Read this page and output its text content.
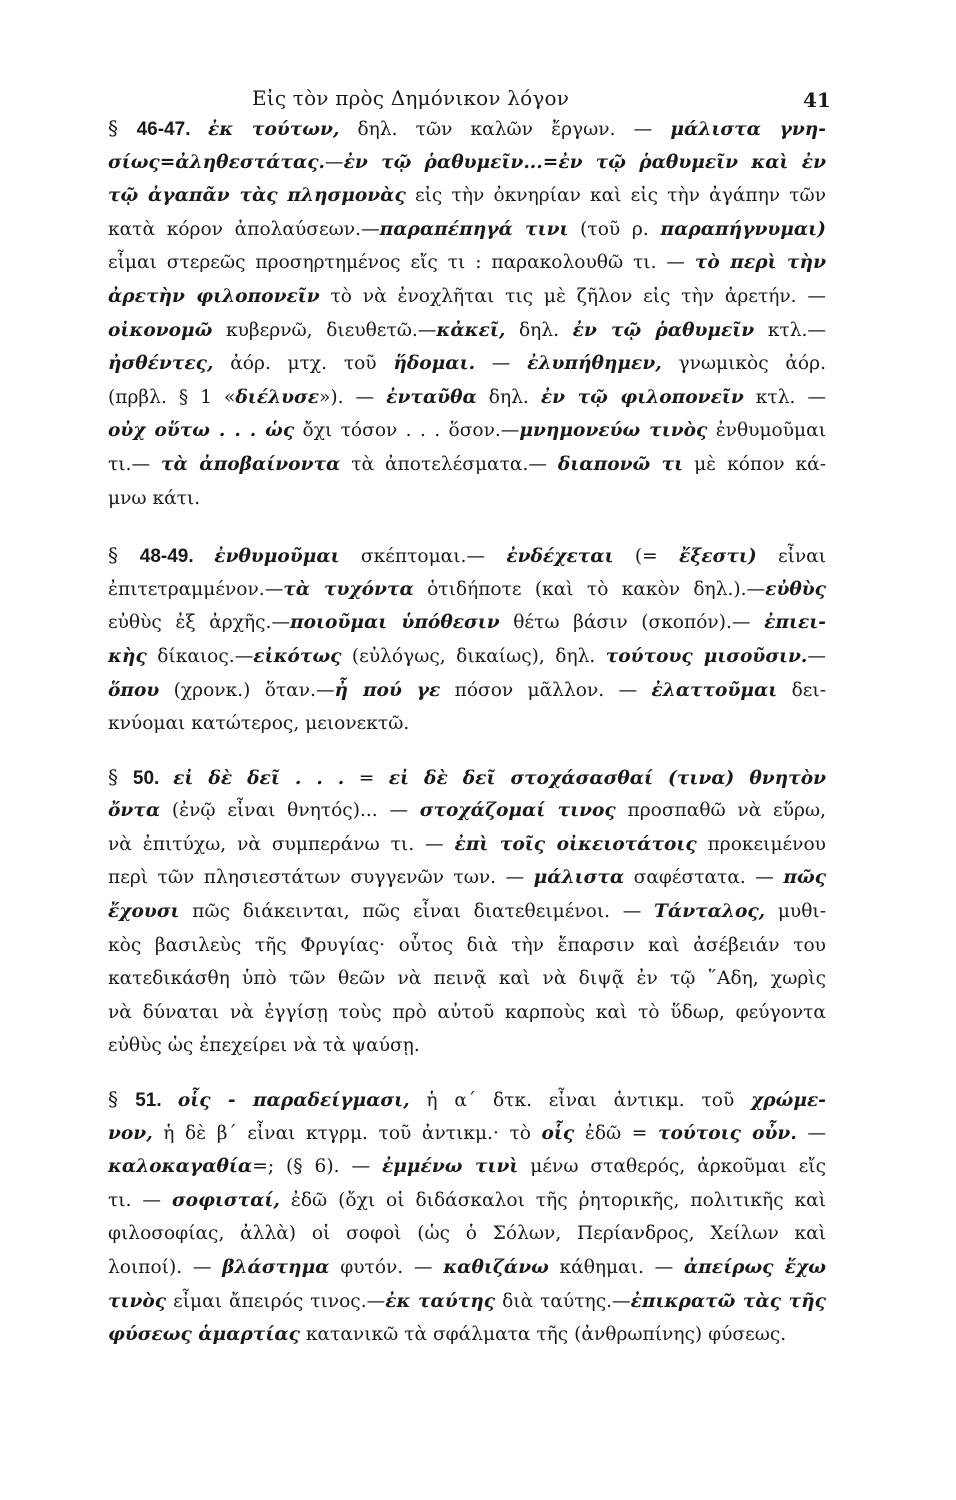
Εἰς τὸν πρὸς Δημόνικον λόγον	41
§ 46-47. ἐκ τούτων, δηλ. τῶν καλῶν ἔργων. — μάλιστα γνη-
σίως=ἀληθεστάτας.—ἐν τῷ ῥαθυμεῖν...=ἐν τῷ ῥαθυμεῖν καὶ ἐν
τῷ ἀγαπᾶν τὰς πλησμονὰς εἰς τὴν ὀκνηρίαν καὶ εἰς τὴν ἀγάπην τῶν
κατὰ κόρον ἀπολαύσεων.—παραπέπηγά τινι (τοῦ ρ. παραπήγνυμαι)
εἶμαι στερεῶς προσηρτημένος εἴς τι : παρακολουθῶ τι. — τὸ περὶ τὴν
ἀρετὴν φιλοπονεῖν τὸ νὰ ἐνοχλῆται τις μὲ ζῆλον εἰς τὴν ἀρετήν. —
οἰκονομῶ κυβερνῶ, διευθετῶ.—κἀκεῖ, δηλ. ἐν τῷ ῥαθυμεῖν κτλ.—
ἠσθέντες, ἀόρ. μτχ. τοῦ ἥδομαι. — ἐλυπήθημεν, γνωμικὸς ἀόρ.
(πρβλ. § 1 «διέλυσε»). — ἐνταῦθα δηλ. ἐν τῷ φιλοπονεῖν κτλ. —
οὐχ οὕτω . . . ὡς ὄχι τόσον . . . ὅσον.—μνημονεύω τινὸς ἐνθυμοῦμαι
τι.— τὰ ἀποβαίνοντα τὰ ἀποτελέσματα.— διαπονῶ τι μὲ κόπον κά-
μνω κάτι.
§ 48-49. ἐνθυμοῦμαι σκέπτομαι.— ἐνδέχεται (= ἔξεστι) εἶναι
ἐπιτετραμμένον.—τὰ τυχόντα ὁτιδήποτε (καὶ τὸ κακὸν δηλ.).—εὐθὺς
εὐθὺς ἐξ ἀρχῆς.—ποιοῦμαι ὑπόθεσιν θέτω βάσιν (σκοπόν).— ἐπιει-
κὴς δίκαιος.—εἰκότως (εὐλόγως, δικαίως), δηλ. τούτους μισοῦσιν.—
ὅπου (χρονκ.) ὅταν.—ἦ πού γε πόσον μᾶλλον. — ἐλαττοῦμαι δει-
κνύομαι κατώτερος, μειονεκτῶ.
§ 50. εἰ δὲ δεῖ . . . = εἰ δὲ δεῖ στοχάσασθαί (τινα) θνητὸν
ὄντα (ἐνῷ εἶναι θνητός)... — στοχάζομαί τινος προσπαθῶ νὰ εὕρω,
νὰ ἐπιτύχω, νὰ συμπεράνω τι. — ἐπὶ τοῖς οἰκειοτάτοις προκειμένου
περὶ τῶν πλησιεστάτων συγγενῶν των. — μάλιστα σαφέστατα. — πῶς
ἔχουσι πῶς διάκεινται, πῶς εἶναι διατεθειμένοι. — Τάνταλος, μυθι-
κὸς βασιλεὺς τῆς Φρυγίας· οὗτος διὰ τὴν ἔπαρσιν καὶ ἀσέβειάν του
κατεδικάσθη ὑπὸ τῶν θεῶν νὰ πεινᾷ καὶ νὰ διψᾷ ἐν τῷ ῞Αδη, χωρὶς
νὰ δύναται νὰ ἐγγίσῃ τοὺς πρὸ αὐτοῦ καρποὺς καὶ τὸ ὕδωρ, φεύγοντα
εὐθὺς ὡς ἐπεχείρει νὰ τὰ ψαύσῃ.
§ 51. οἷς - παραδείγμασι, ἡ α΄ δτκ. εἶναι ἀντικμ. τοῦ χρώμε-
νον, ἡ δὲ β΄ εἶναι κτγρμ. τοῦ ἀντικμ.· τὸ οἷς ἐδῶ = τούτοις οὖν. —
καλοκαγαθία=; (§ 6). — ἐμμένω τινὶ μένω σταθερός, ἀρκοῦμαι εἴς
τι. — σοφισταί, ἐδῶ (ὄχι οἱ διδάσκαλοι τῆς ῥητορικῆς, πολιτικῆς καὶ
φιλοσοφίας, ἀλλὰ) οἱ σοφοὶ (ὡς ὁ Σόλων, Περίανδρος, Χείλων καὶ
λοιποί). — βλάστημα φυτόν. — καθιζάνω κάθημαι. — ἀπείρως ἔχω
τινὸς εἶμαι ἄπειρός τινος.—ἐκ ταύτης διὰ ταύτης.—ἐπικρατῶ τὰς τῆς
φύσεως ἁμαρτίας κατανικῶ τὰ σφάλματα τῆς (ἀνθρωπίνης) φύσεως.
